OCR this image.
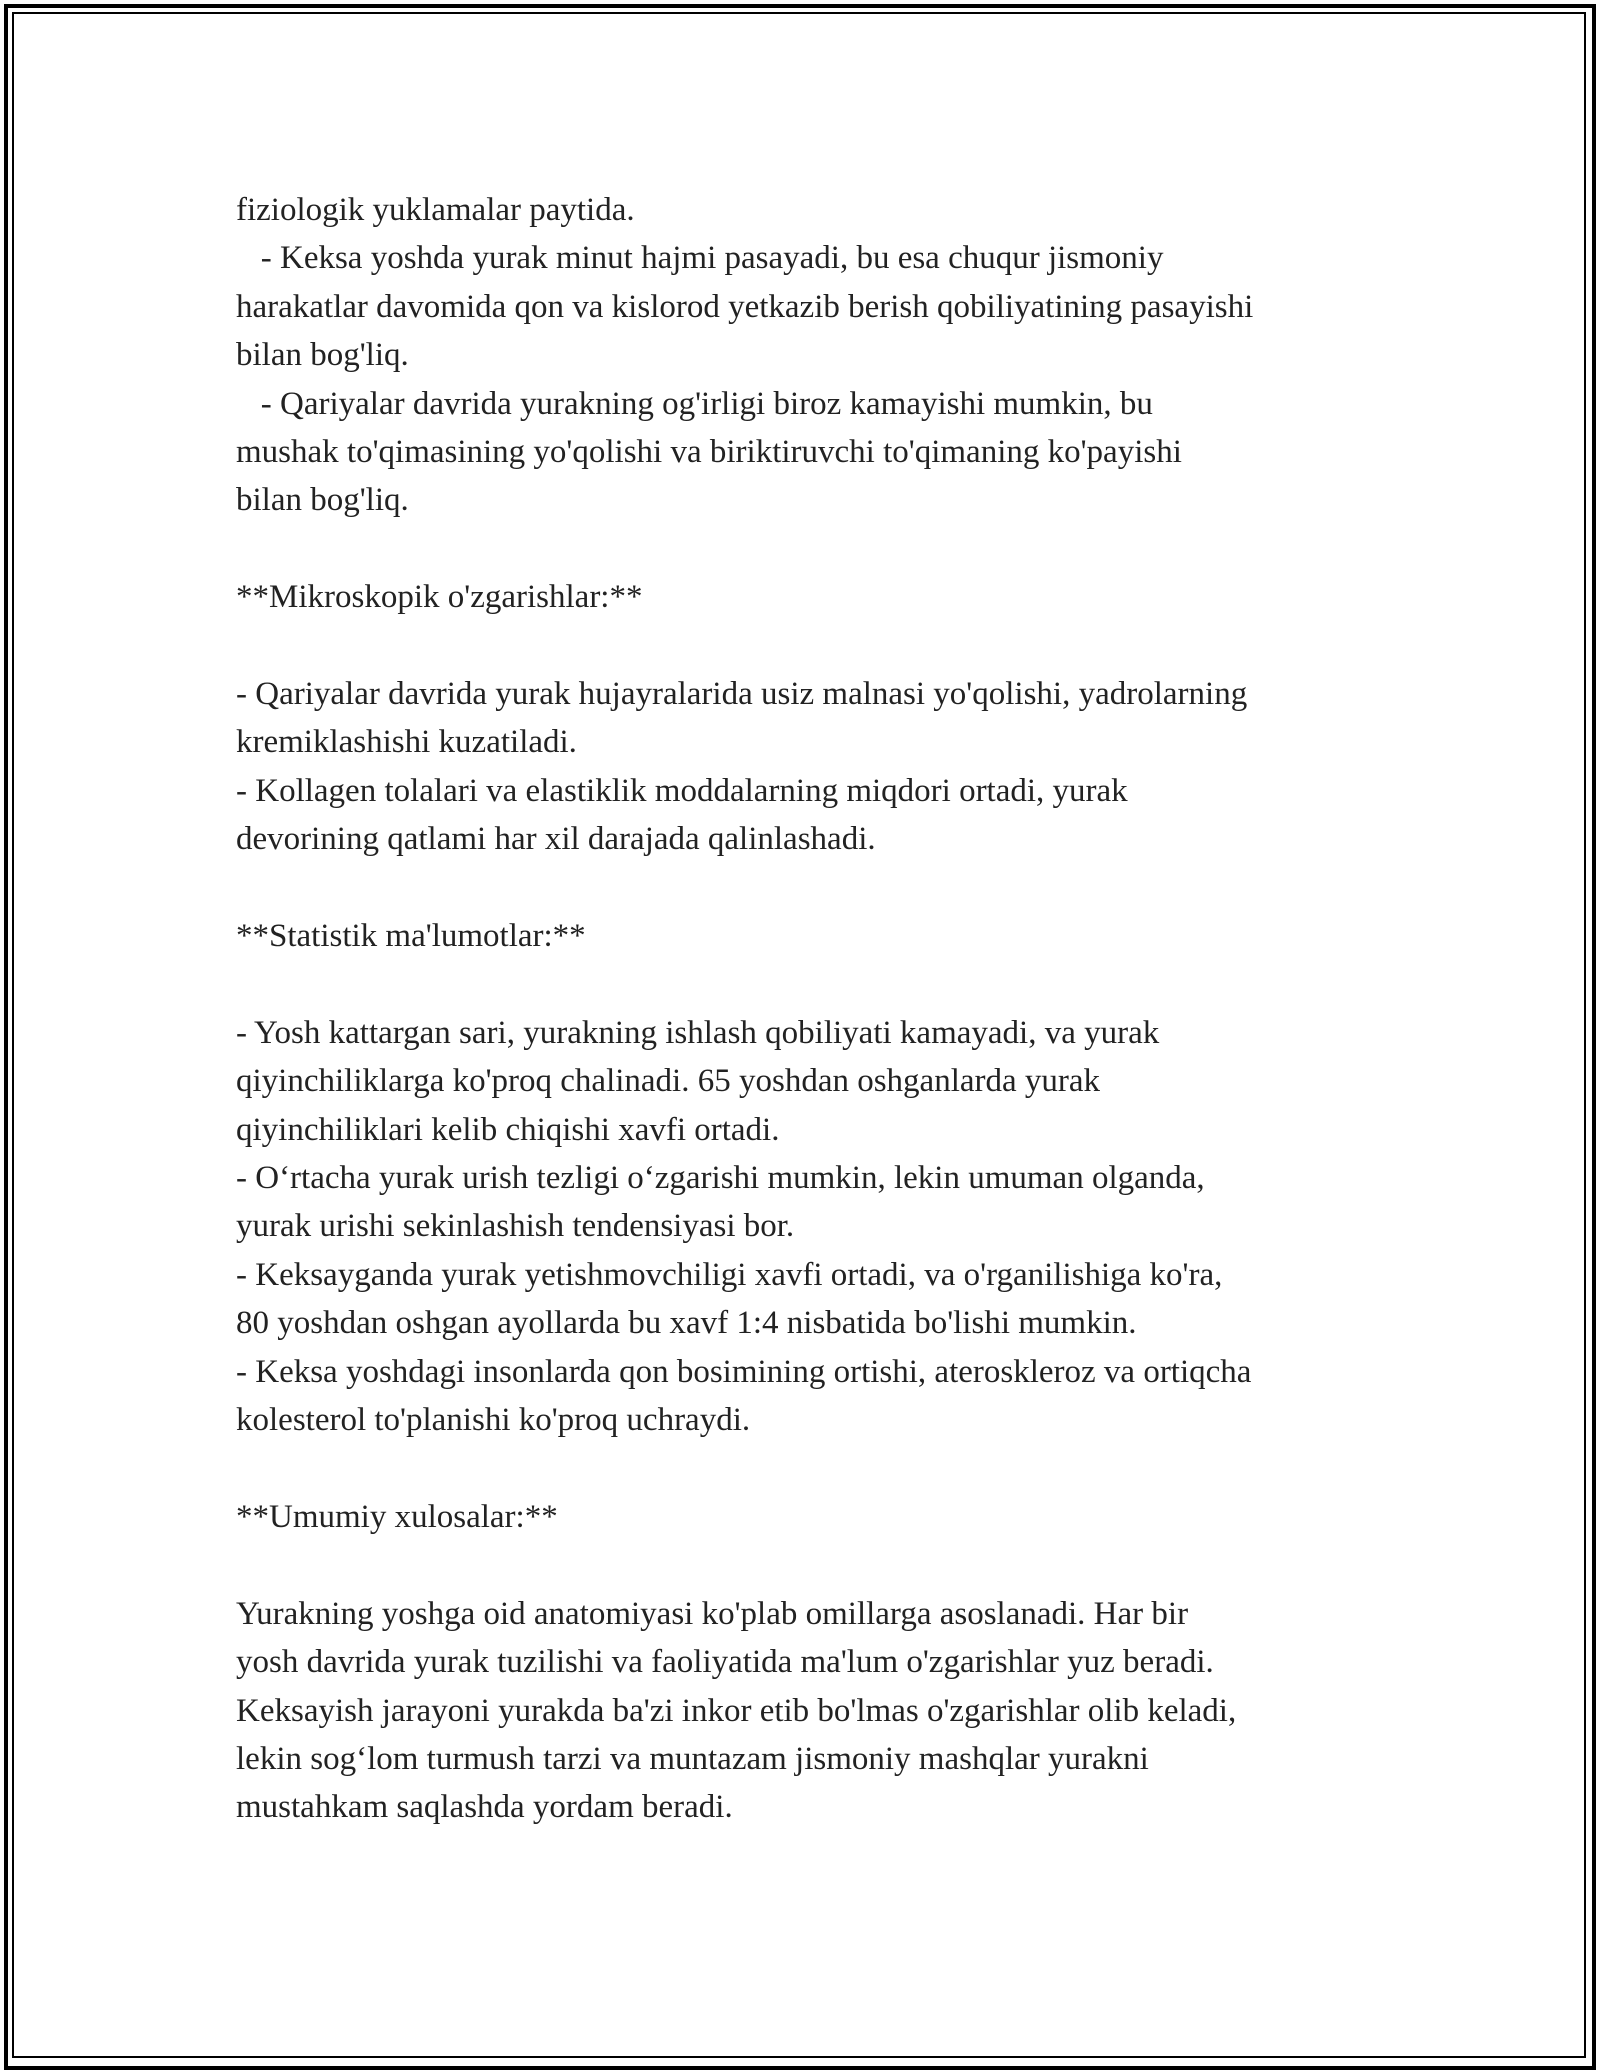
fiziologik yuklamalar paytida.
- Keksa yoshda yurak minut hajmi pasayadi, bu esa chuqur jismoniy
harakatlar davomida qon va kislorod yetkazib berish qobiliyatining pasayishi
bilan bog'liq.
- Qariyalar davrida yurakning og'irligi biroz kamayishi mumkin, bu
mushak to'qimasining yo'qolishi va biriktiruvchi to'qimaning ko'payishi
bilan bog'liq.
**Mikroskopik o'zgarishlar:**
- Qariyalar davrida yurak hujayralarida usiz malnasi yo'qolishi, yadrolarning
kremiklashishi kuzatiladi.
- Kollagen tolalari va elastiklik moddalarning miqdori ortadi, yurak
devorining qatlami har xil darajada qalinlashadi.
**Statistik ma'lumotlar:**
- Yosh kattargan sari, yurakning ishlash qobiliyati kamayadi, va yurak
qiyinchiliklarga ko'proq chalinadi. 65 yoshdan oshganlarda yurak
qiyinchiliklari kelib chiqishi xavfi ortadi.
- O‘rtacha yurak urish tezligi o‘zgarishi mumkin, lekin umuman olganda,
yurak urishi sekinlashish tendensiyasi bor.
- Keksayganda yurak yetishmovchiligi xavfi ortadi, va o'rganilishiga ko'ra,
80 yoshdan oshgan ayollarda bu xavf 1:4 nisbatida bo'lishi mumkin.
- Keksa yoshdagi insonlarda qon bosimining ortishi, ateroskleroz va ortiqcha
kolesterol to'planishi ko'proq uchraydi.
**Umumiy xulosalar:**
Yurakning yoshga oid anatomiyasi ko'plab omillarga asoslanadi. Har bir
yosh davrida yurak tuzilishi va faoliyatida ma'lum o'zgarishlar yuz beradi.
Keksayish jarayoni yurakda ba'zi inkor etib bo'lmas o'zgarishlar olib keladi,
lekin sog‘lom turmush tarzi va muntazam jismoniy mashqlar yurakni
mustahkam saqlashda yordam beradi.
